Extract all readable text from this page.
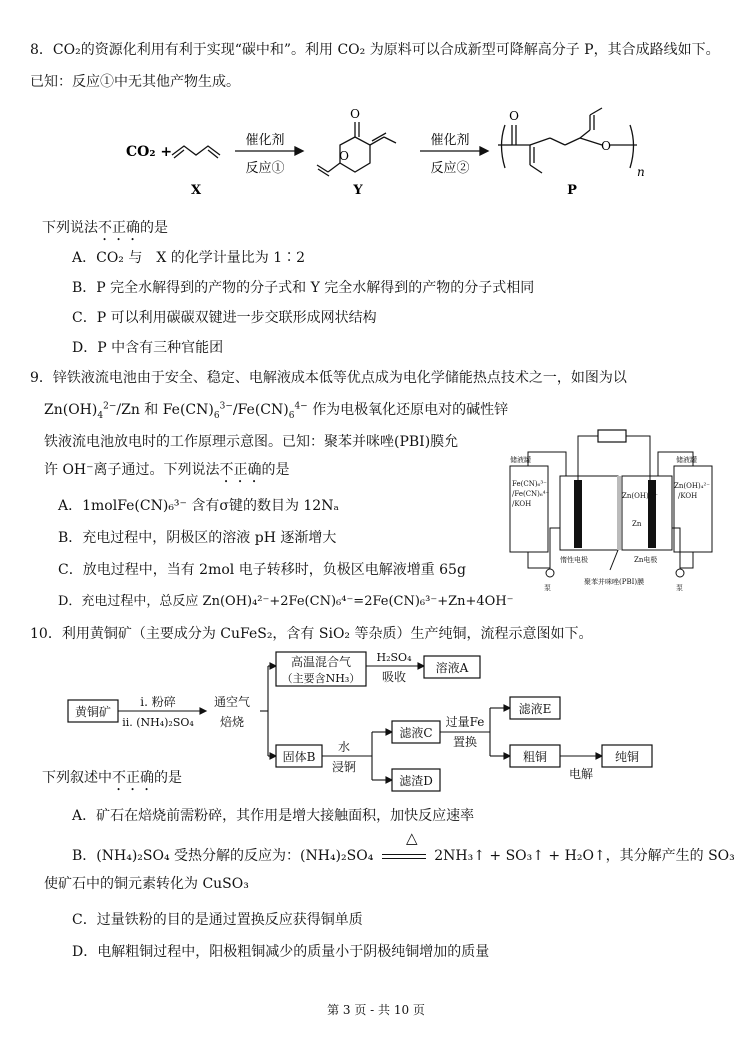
8．CO₂的资源化利用有利于实现“碳中和”。利用 CO₂ 为原料可以合成新型可降解高分子 P，其合成路线如下。
已知：反应①中无其他产物生成。
CO₂ +
X
催化剂
反应①
O
O
Y
催化剂
反应②
O
O
n
P
下列说法不正确的是
A．CO₂ 与　X 的化学计量比为 1∶2
B．P 完全水解得到的产物的分子式和 Y 完全水解得到的产物的分子式相同
C．P 可以利用碳碳双键进一步交联形成网状结构
D．P 中含有三种官能团
9．锌铁液流电池由于安全、稳定、电解液成本低等优点成为电化学储能热点技术之一，如图为以
$Zn(OH)_4^{2-}/Zn$ 和 $Fe(CN)_6^{3-}/Fe(CN)_6^{4-}$ 作为电极氧化还原电对的碱性锌
铁液流电池放电时的工作原理示意图。已知：聚苯并咪唑(PBI)膜允
许 OH⁻离子通过。下列说法不正确的是
A．1molFe(CN)₆³⁻ 含有σ键的数目为 12Nₐ
B．充电过程中，阴极区的溶液 pH 逐渐增大
C．放电过程中，当有 2mol 电子转移时，负极区电解液增重 65g
D．充电过程中，总反应 Zn(OH)₄²⁻+2Fe(CN)₆⁴⁻=2Fe(CN)₆³⁻+Zn+4OH⁻
储液罐	储液罐
Fe(CN)₆³⁻
/Fe(CN)₆⁴⁻
/KOH
Zn(OH)₄²⁻
/KOH
Zn(OH)₄²⁻
Zn
惰性电极	Zn电极
聚苯并咪唑(PBI)膜
泵	泵
10．利用黄铜矿（主要成分为 CuFeS₂，含有 SiO₂ 等杂质）生产纯铜，流程示意图如下。
黄铜矿
i. 粉碎
ii. (NH₄)₂SO₄
通空气
焙烧
高温混合气
（主要含NH₃）
H₂SO₄
吸收
溶液A
固体B
水
浸锕
滤液C
滤渣D
过量Fe
置换
滤液E
粗铜
电解
纯铜
下列叙述中不正确的是
A．矿石在焙烧前需粉碎，其作用是增大接触面积，加快反应速率
△
B．(NH₄)₂SO₄ 受热分解的反应为：(NH₄)₂SO₄	2NH₃↑ + SO₃↑ + H₂O↑，其分解产生的 SO₃
使矿石中的铜元素转化为 CuSO₃
C．过量铁粉的目的是通过置换反应获得铜单质
D．电解粗铜过程中，阳极粗铜减少的质量小于阴极纯铜增加的质量
第 3 页 - 共 10 页
